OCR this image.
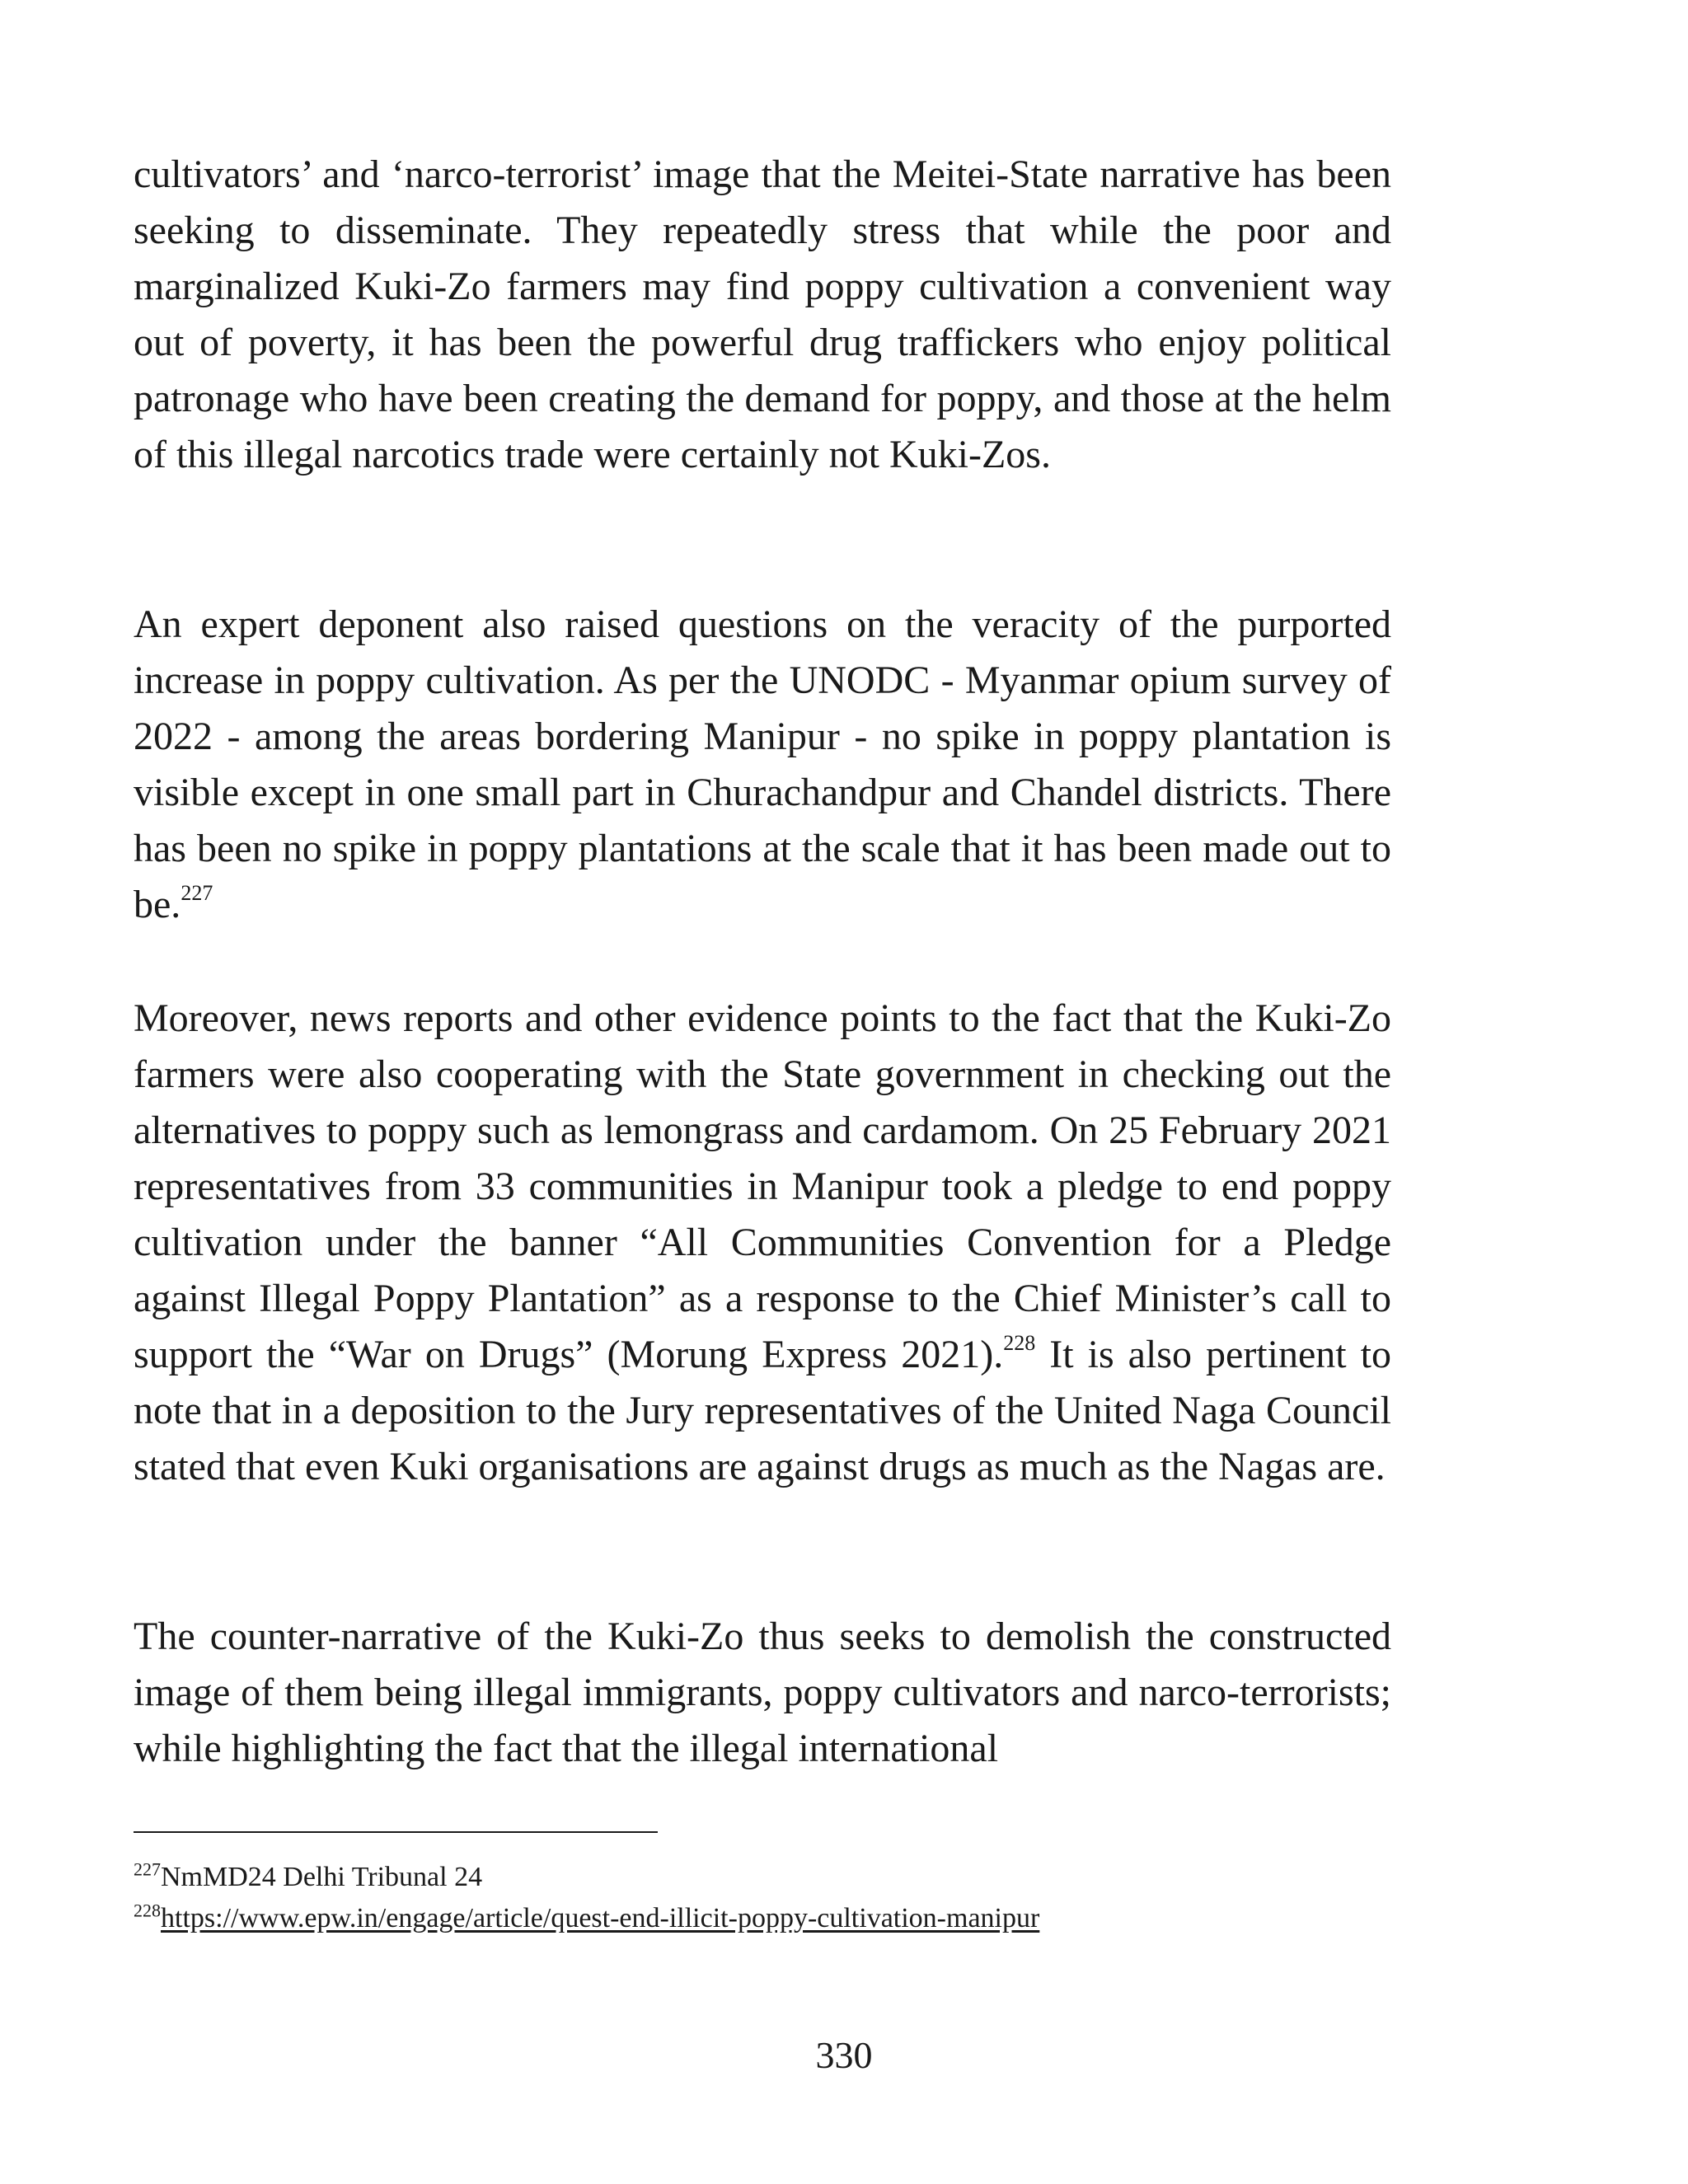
cultivators’ and ‘narco-terrorist’ image that the Meitei-State narrative has been seeking to disseminate. They repeatedly stress that while the poor and marginalized Kuki-Zo farmers may find poppy cultivation a convenient way out of poverty, it has been the powerful drug traffickers who enjoy political patronage who have been creating the demand for poppy, and those at the helm of this illegal narcotics trade were certainly not Kuki-Zos.

An expert deponent also raised questions on the veracity of the purported increase in poppy cultivation. As per the UNODC - Myanmar opium survey of 2022 - among the areas bordering Manipur - no spike in poppy plantation is visible except in one small part in Churachandpur and Chandel districts. There has been no spike in poppy plantations at the scale that it has been made out to be.$^{227}$

Moreover, news reports and other evidence points to the fact that the Kuki-Zo farmers were also cooperating with the State government in checking out the alternatives to poppy such as lemongrass and cardamom. On 25 February 2021 representatives from 33 communities in Manipur took a pledge to end poppy cultivation under the banner “All Communities Convention for a Pledge against Illegal Poppy Plantation” as a response to the Chief Minister’s call to support the “War on Drugs” (Morung Express 2021).$^{228}$ It is also pertinent to note that in a deposition to the Jury representatives of the United Naga Council stated that even Kuki organisations are against drugs as much as the Nagas are.

The counter-narrative of the Kuki-Zo thus seeks to demolish the constructed image of them being illegal immigrants, poppy cultivators and narco-terrorists; while highlighting the fact that the illegal international

$^{227}$NmMD24 Delhi Tribunal 24

$^{228}$https://www.epw.in/engage/article/quest-end-illicit-poppy-cultivation-manipur

330
